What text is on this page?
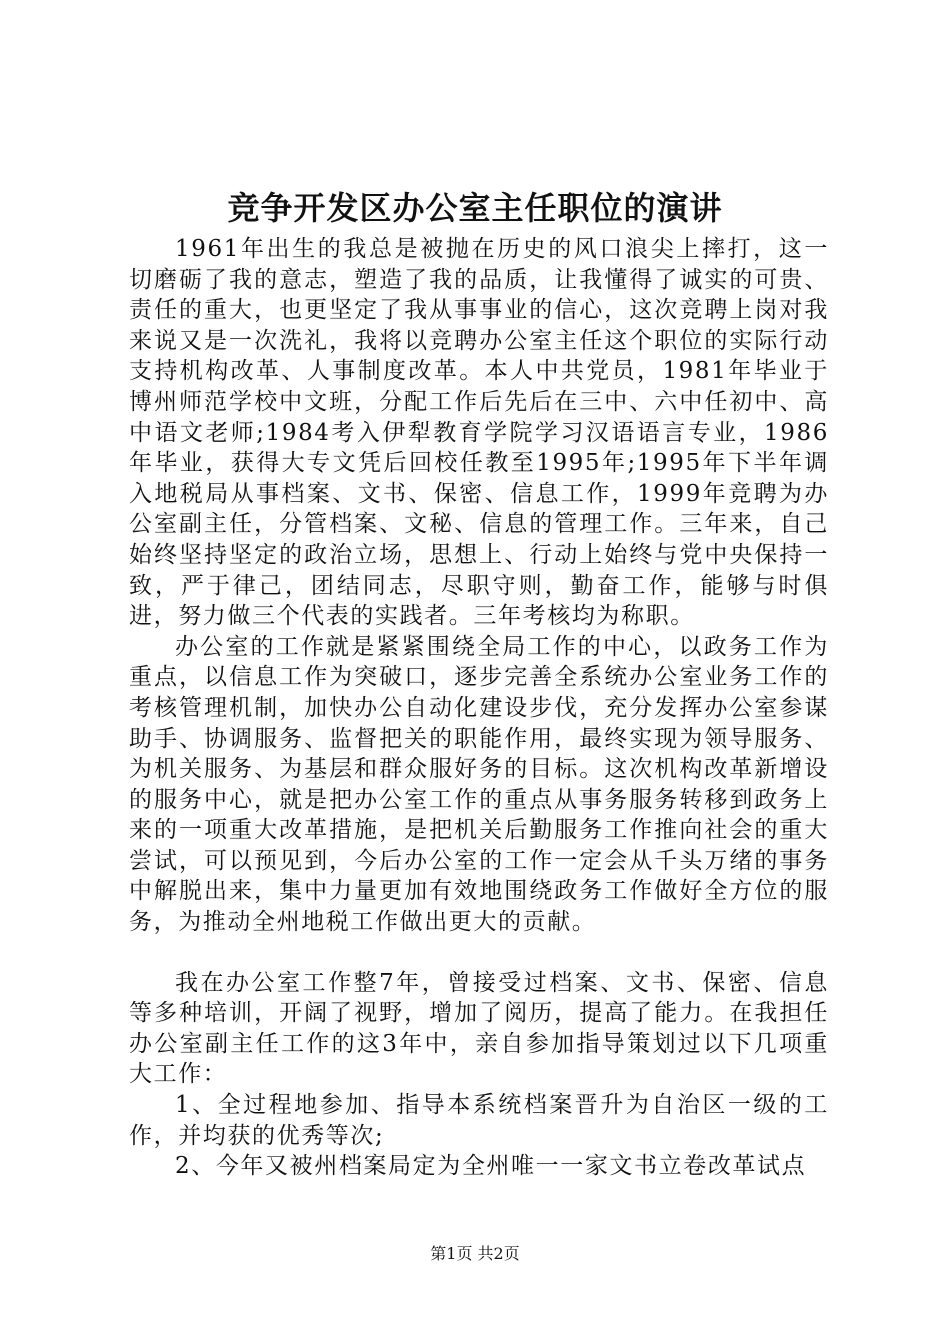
竞争开发区办公室主任职位的演讲

1961年出生的我总是被抛在历史的风口浪尖上摔打，这一切磨砺了我的意志，塑造了我的品质，让我懂得了诚实的可贵、责任的重大，也更坚定了我从事事业的信心，这次竞聘上岗对我来说又是一次洗礼，我将以竞聘办公室主任这个职位的实际行动支持机构改革、人事制度改革。本人中共党员，1981年毕业于博州师范学校中文班，分配工作后先后在三中、六中任初中、高中语文老师;1984考入伊犁教育学院学习汉语语言专业，1986年毕业，获得大专文凭后回校任教至1995年;1995年下半年调入地税局从事档案、文书、保密、信息工作，1999年竞聘为办公室副主任，分管档案、文秘、信息的管理工作。三年来，自己始终坚持坚定的政治立场，思想上、行动上始终与党中央保持一致，严于律己，团结同志，尽职守则，勤奋工作，能够与时俱进，努力做三个代表的实践者。三年考核均为称职。

办公室的工作就是紧紧围绕全局工作的中心，以政务工作为重点，以信息工作为突破口，逐步完善全系统办公室业务工作的考核管理机制，加快办公自动化建设步伐，充分发挥办公室参谋助手、协调服务、监督把关的职能作用，最终实现为领导服务、为机关服务、为基层和群众服好务的目标。这次机构改革新增设的服务中心，就是把办公室工作的重点从事务服务转移到政务上来的一项重大改革措施，是把机关后勤服务工作推向社会的重大尝试，可以预见到，今后办公室的工作一定会从千头万绪的事务中解脱出来，集中力量更加有效地围绕政务工作做好全方位的服务，为推动全州地税工作做出更大的贡献。

我在办公室工作整7年，曾接受过档案、文书、保密、信息等多种培训，开阔了视野，增加了阅历，提高了能力。在我担任办公室副主任工作的这3年中，亲自参加指导策划过以下几项重大工作：

1、全过程地参加、指导本系统档案晋升为自治区一级的工作，并均获的优秀等次;

2、今年又被州档案局定为全州唯一一家文书立卷改革试点

第1页 共2页
